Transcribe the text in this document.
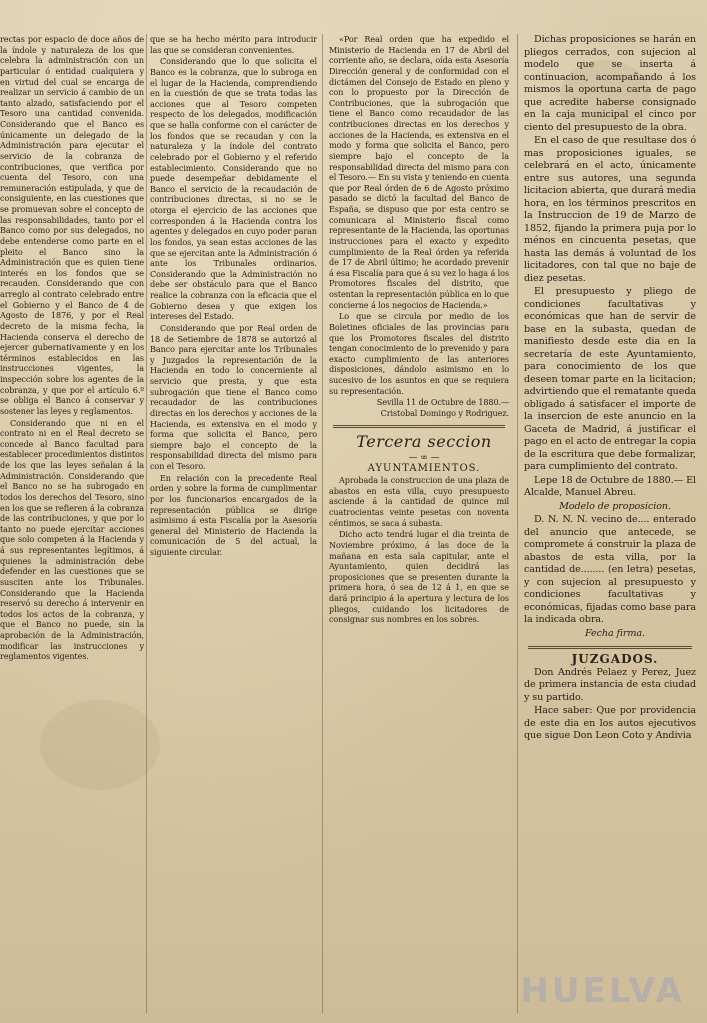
rectas por espacio de doce años de la índole y naturaleza de los que celebra la administración con un particular ó entidad cualquiera y en virtud del cual se encarga de realizar un servicio á cambio de un tanto alzado, satisfaciendo por el Tesoro una cantidad convenida. Considerando que el Banco es únicamente un delegado de la Administración para ejecutar el servicio de la cobranza de contribuciones, que verifica por cuenta del Tesoro, con una remuneración estipulada, y que de consiguiente, en las cuestiones que se promuevan sobre el concepto de las responsabilidades, tanto por el Banco como por sus delegados, no debe entenderse como parte en el pleito el Banco sino la Administración que es quien tiene interés en los fondos que se recauden. Considerando que con arreglo al contrato celebrado entre el Gobierno y el Banco de 4 de Agosto de 1876, y por el Real decreto de la misma fecha, la Hacienda conserva el derecho de ejercer gubernativamente y en los términos establecidos en las instrucciones vigentes, la inspección sobre los agentes de la cobranza, y que por el artículo 6.º se obliga el Banco á conservar y sostener las leyes y reglamentos.

Considerando que ni en el contrato ni en el Real decreto se concede al Banco facultad para establecer procedimientos distintos de los que las leyes señalan á la Administración. Considerando que el Banco no se ha subrogado en todos los derechos del Tesoro, sino en los que se refieren á la cobranza de las contribuciones, y que por lo tanto no puede ejercitar acciones que solo competen á la Hacienda y á sus representantes legítimos, á quienes la administración debe defender en las cuestiones que se susciten ante los Tribunales. Considerando que la Hacienda reservó su derecho á intervenir en todos los actos de la cobranza, y que el Banco no puede, sin la aprobación de la Administración, modificar las instrucciones y reglamentos vigentes.

que se ha hecho mérito para introducir las que se consideran convenientes.

Considerando que lo que solicita el Banco es la cobranza, que lo subroga en el lugar de la Hacienda, comprendiendo en la cuestión de que se trata todas las acciones que al Tesoro competen respecto de los delegados, modificación que se halla conforme con el carácter de los fondos que se recaudan y con la naturaleza y la índole del contrato celebrado por el Gobierno y el referido establecimiento. Considerando que no puede desempeñar debidamente el Banco el servicio de la recaudación de contribuciones directas, si no se le otorga el ejercicio de las acciones que corresponden á la Hacienda contra los agentes y delegados en cuyo poder paran los fondos, ya sean estas acciones de las que se ejercitan ante la Administración ó ante los Tribunales ordinarios. Considerando que la Administración no debe ser obstáculo para que el Banco realice la cobranza con la eficacia que el Gobierno desea y que exigen los intereses del Estado.

Considerando que por Real orden de 18 de Setiembre de 1878 se autorizó al Banco para ejercitar ante los Tribunales y Juzgados la representación de la Hacienda en todo lo concerniente al servicio que presta, y que esta subrogación que tiene el Banco como recaudador de las contribuciones directas en los derechos y acciones de la Hacienda, es extensiva en el modo y forma que solicita el Banco, pero siempre bajo el concepto de la responsabilidad directa del mismo para con el Tesoro.

En relación con la precedente Real orden y sobre la forma de cumplimentar por los funcionarios encargados de la representación pública se dirige asimismo á esta Fiscalía por la Asesoría general del Ministerio de Hacienda la comunicación de 5 del actual, la siguiente circular.

«Por Real orden que ha expedido el Ministerio de Hacienda en 17 de Abril del corriente año, se declara, oída esta Asesoría Dirección general y de conformidad con el dictámen del Consejo de Estado en pleno y con lo propuesto por la Dirección de Contribuciones, que la subrogación que tiene el Banco como recaudador de las contribuciones directas en los derechos y acciones de la Hacienda, es extensiva en el modo y forma que solicita el Banco, pero siempre bajo el concepto de la responsabilidad directa del mismo para con el Tesoro.— En su vista y teniendo en cuenta que por Real órden de 6 de Agosto próximo pasado se dictó la facultad del Banco de España, se dispuso que por esta centro se comunicara al Ministerio fiscal como representante de la Hacienda, las oportunas instrucciones para el exacto y expedito cumplimiento de la Real órden ya referida de 17 de Abril último; he acordado prevenir á esa Fiscalía para que á su vez lo haga á los Promotores fiscales del distrito, que ostentan la representación pública en lo que concierne á los negocios de Hacienda.»

Lo que se circula por medio de los Boletines oficiales de las provincias para que los Promotores fiscales del distrito tengan conocimiento de lo prevenido y para exacto cumplimiento de las anteriores disposiciones, dándolo asimismo en lo sucesivo de los asuntos en que se requiera su representación.

Sevilla 11 de Octubre de 1880.— Cristobal Domingo y Rodriguez.

Tercera seccion

— ∞ —

AYUNTAMIENTOS.

Aprobada la construccion de una plaza de abastos en esta villa, cuyo presupuesto asciende á la cantidad de quince mil cuatrocientas veinte pesetas con noventa céntimos, se saca á subasta.

Dicho acto tendrá lugar el dia treinta de Noviembre próximo, á las doce de la mañana en esta sala capitular, ante el Ayuntamiento, quien decidirá las proposiciones que se presenten durante la primera hora, ó sea de 12 á 1, en que se dará principio á la apertura y lectura de los pliegos, cuidando los licitadores de consignar sus nombres en los sobres.

Dichas proposiciones se harán en pliegos cerrados, con sujecion al modelo que se inserta á continuacion, acompañando á los mismos la oportuna carta de pago que acredite haberse consignado en la caja municipal el cinco por ciento del presupuesto de la obra.

En el caso de que resultase dos ó mas proposiciones iguales, se celebrará en el acto, únicamente entre sus autores, una segunda licitacion abierta, que durará media hora, en los términos prescritos en la Instruccion de 19 de Marzo de 1852, fijando la primera puja por lo ménos en cincuenta pesetas, que hasta las demás á voluntad de los licitadores, con tal que no baje de diez pesetas.

El presupuesto y pliego de condiciones facultativas y económicas que han de servir de base en la subasta, quedan de manifiesto desde este dia en la secretaría de este Ayuntamiento, para conocimiento de los que deseen tomar parte en la licitacion; advirtiendo que el rematante queda obligado á satisfacer el importe de la insercion de este anuncio en la Gaceta de Madrid, á justificar el pago en el acto de entregar la copia de la escritura que debe formalizar, para cumplimiento del contrato.

Lepe 18 de Octubre de 1880.— El Alcalde, Manuel Abreu.

Modelo de proposicion.

D. N. N. N. vecino de.... enterado del anuncio que antecede, se compromete á construir la plaza de abastos de esta villa, por la cantidad de........ (en letra) pesetas, y con sujecion al presupuesto y condiciones facultativas y económicas, fijadas como base para la indicada obra.

Fecha firma.

JUZGADOS.

Don Andrés Pelaez y Perez, Juez de primera instancia de esta ciudad y su partido.

Hace saber: Que por providencia de este dia en los autos ejecutivos que sigue Don Leon Coto y Andivia

HUELVA
